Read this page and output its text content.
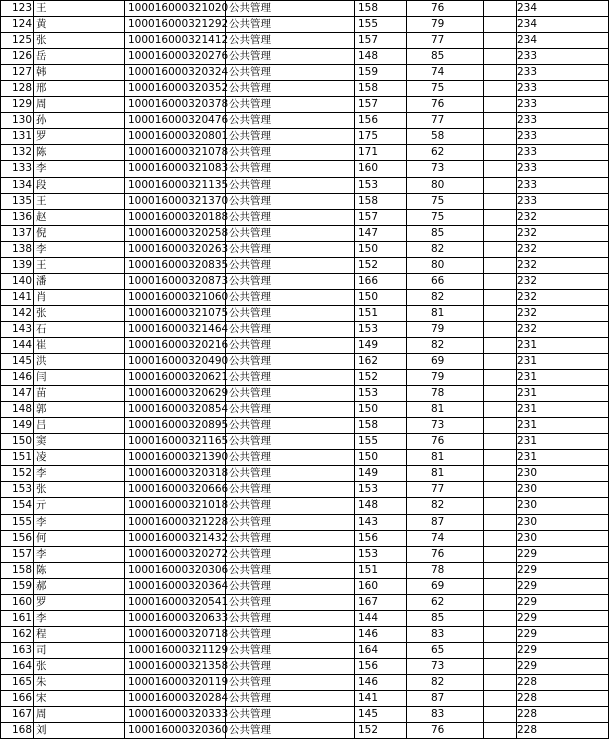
123	王	100016000321020	公共管理	158	76	234	
124	黄	100016000321292	公共管理	155	79	234	
125	张	100016000321412	公共管理	157	77	234	
126	岳	100016000320276	公共管理	148	85	233	
127	韩	100016000320324	公共管理	159	74	233	
128	邢	100016000320352	公共管理	158	75	233	
129	周	100016000320378	公共管理	157	76	233	
130	孙	100016000320476	公共管理	156	77	233	
131	罗	100016000320801	公共管理	175	58	233	
132	陈	100016000321078	公共管理	171	62	233	
133	李	100016000321083	公共管理	160	73	233	
134	段	100016000321135	公共管理	153	80	233	
135	王	100016000321370	公共管理	158	75	233	
136	赵	100016000320188	公共管理	157	75	232	
137	倪	100016000320258	公共管理	147	85	232	
138	李	100016000320263	公共管理	150	82	232	
139	王	100016000320835	公共管理	152	80	232	
140	潘	100016000320873	公共管理	166	66	232	
141	肖	100016000321060	公共管理	150	82	232	
142	张	100016000321075	公共管理	151	81	232	
143	石	100016000321464	公共管理	153	79	232	
144	崔	100016000320216	公共管理	149	82	231	
145	洪	100016000320490	公共管理	162	69	231	
146	闫	100016000320621	公共管理	152	79	231	
147	苗	100016000320629	公共管理	153	78	231	
148	郭	100016000320854	公共管理	150	81	231	
149	吕	100016000320895	公共管理	158	73	231	
150	窦	100016000321165	公共管理	155	76	231	
151	凌	100016000321390	公共管理	150	81	231	
152	李	100016000320318	公共管理	149	81	230	
153	张	100016000320666	公共管理	153	77	230	
154	亓	100016000321018	公共管理	148	82	230	
155	李	100016000321228	公共管理	143	87	230	
156	何	100016000321432	公共管理	156	74	230	
157	李	100016000320272	公共管理	153	76	229	
158	陈	100016000320306	公共管理	151	78	229	
159	郝	100016000320364	公共管理	160	69	229	
160	罗	100016000320541	公共管理	167	62	229	
161	李	100016000320633	公共管理	144	85	229	
162	程	100016000320718	公共管理	146	83	229	
163	司	100016000321129	公共管理	164	65	229	
164	张	100016000321358	公共管理	156	73	229	
165	朱	100016000320119	公共管理	146	82	228	
166	宋	100016000320284	公共管理	141	87	228	
167	周	100016000320333	公共管理	145	83	228	
168	刘	100016000320360	公共管理	152	76	228	
